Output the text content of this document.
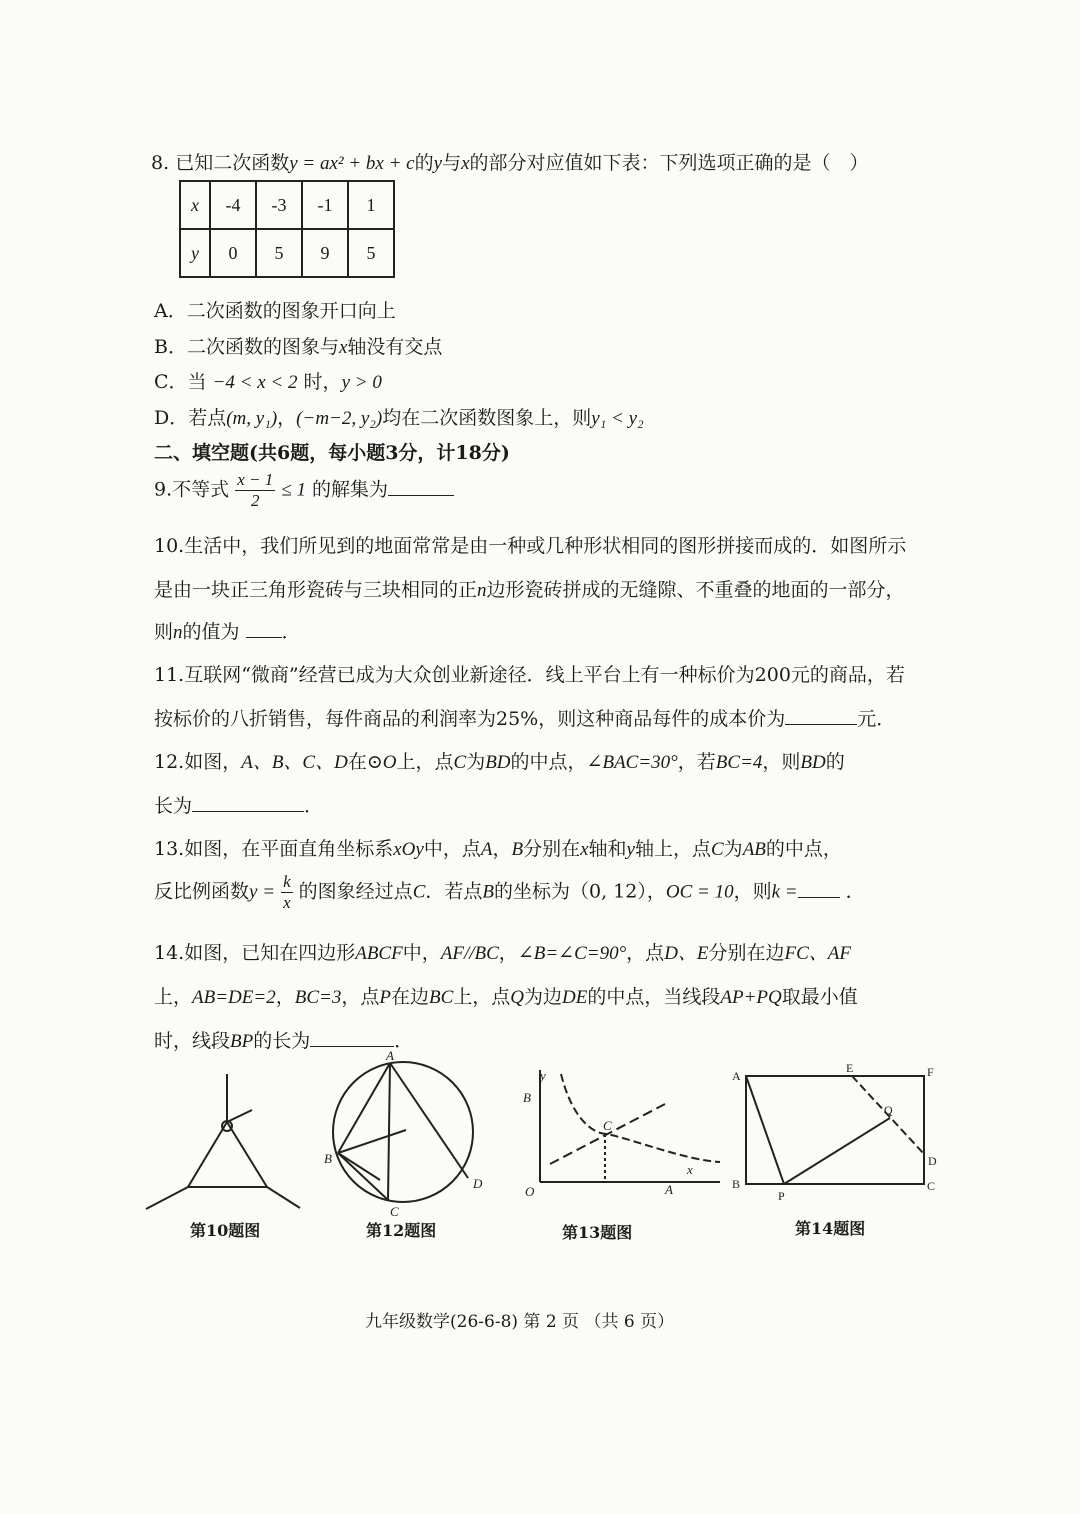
8. 已知二次函数y = ax² + bx + c的y与x的部分对应值如下表：下列选项正确的是（　）
x	-4	-3	-1	1
y	0	5	9	5
A．二次函数的图象开口向上
B．二次函数的图象与x轴没有交点
C．当 −4 < x < 2 时，y > 0
D．若点(m, y₁)，(−m−2, y₂)均在二次函数图象上，则y₁ < y₂
二、填空题(共6题，每小题3分，计18分)
9.不等式 $\frac{x - 1}{2} \le 1$ 的解集为
10.生活中，我们所见到的地面常常是由一种或几种形状相同的图形拼接而成的．如图所示
是由一块正三角形瓷砖与三块相同的正n边形瓷砖拼成的无缝隙、不重叠的地面的一部分，
则n的值为 ．
11.互联网“微商”经营已成为大众创业新途径．线上平台上有一种标价为200元的商品，若
按标价的八折销售，每件商品的利润率为25%，则这种商品每件的成本价为	元．
12.如图，A、B、C、D在⊙O上，点C为BD的中点，∠BAC=30°，若BC=4，则BD的
长为	．
13.如图，在平面直角坐标系xOy中，点A，B分别在x轴和y轴上，点C为AB的中点，
反比例函数$y = \frac{k}{x}$ 的图象经过点C．若点B的坐标为（0, 12），OC = 10，则k =	．
14.如图，已知在四边形ABCF中，AF//BC，∠B=∠C=90°，点D、E分别在边FC、AF
上，AB=DE=2，BC=3，点P在边BC上，点Q为边DE的中点，当线段AP+PQ取最小值
时，线段BP的长为	．
第10题图
A
B
C
D
第12题图
y
B
C
x
O	A
第13题图
A
E	F
Q
D
B
P
C
第14题图
九年级数学(26-6-8) 第 2 页 （共 6 页）
